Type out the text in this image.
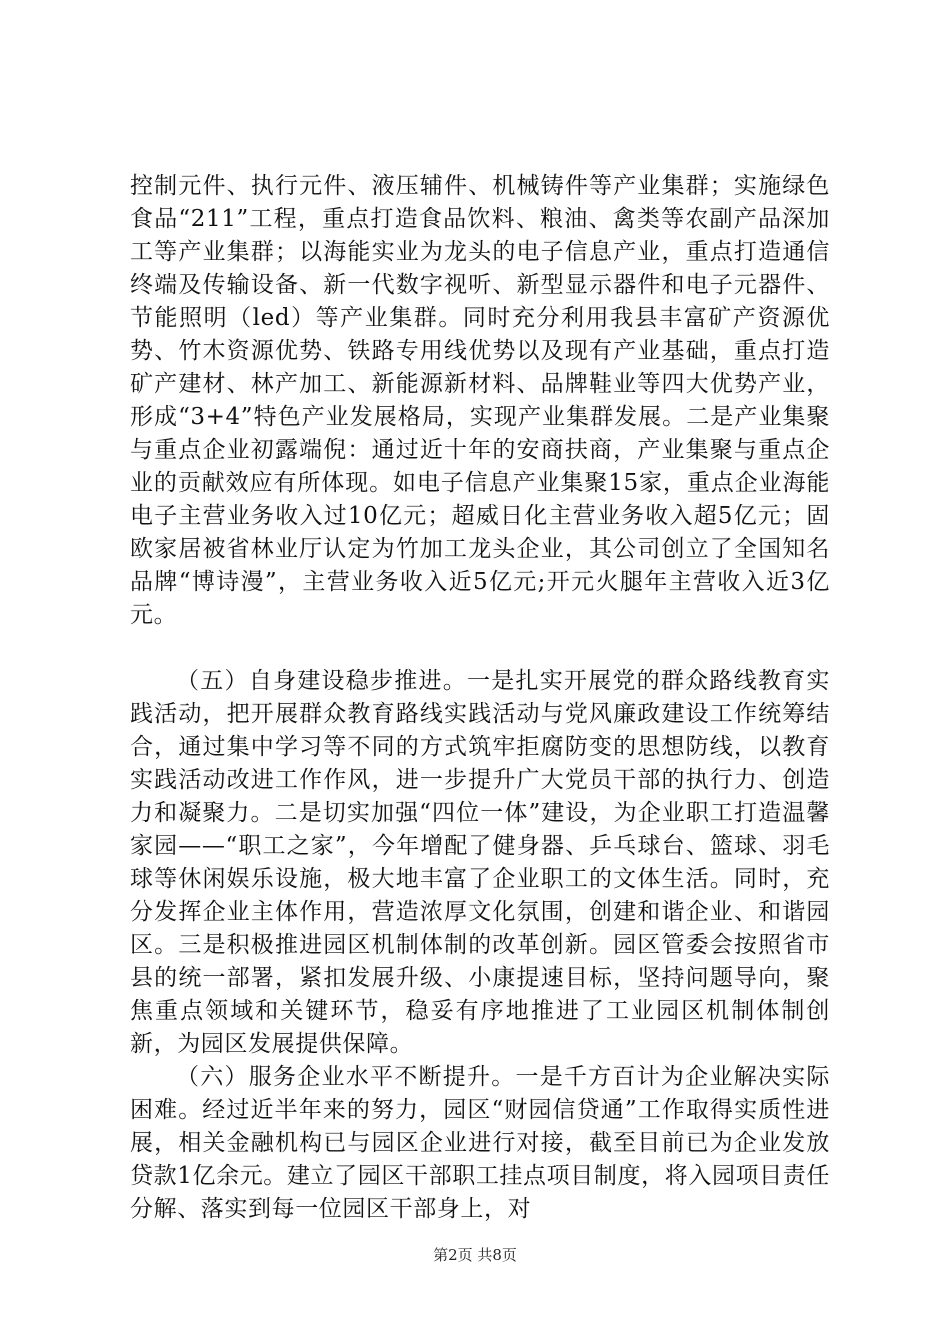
控制元件、执行元件、液压辅件、机械铸件等产业集群；实施绿色食品“211”工程，重点打造食品饮料、粮油、禽类等农副产品深加工等产业集群；以海能实业为龙头的电子信息产业，重点打造通信终端及传输设备、新一代数字视听、新型显示器件和电子元器件、节能照明（led）等产业集群。同时充分利用我县丰富矿产资源优势、竹木资源优势、铁路专用线优势以及现有产业基础，重点打造矿产建材、林产加工、新能源新材料、品牌鞋业等四大优势产业，形成“3+4”特色产业发展格局，实现产业集群发展。二是产业集聚与重点企业初露端倪：通过近十年的安商扶商，产业集聚与重点企业的贡献效应有所体现。如电子信息产业集聚15家，重点企业海能电子主营业务收入过10亿元；超威日化主营业务收入超5亿元；固欧家居被省林业厅认定为竹加工龙头企业，其公司创立了全国知名品牌“博诗漫”，主营业务收入近5亿元;开元火腿年主营收入近3亿元。

（五）自身建设稳步推进。一是扎实开展党的群众路线教育实践活动，把开展群众教育路线实践活动与党风廉政建设工作统筹结合，通过集中学习等不同的方式筑牢拒腐防变的思想防线，以教育实践活动改进工作作风，进一步提升广大党员干部的执行力、创造力和凝聚力。二是切实加强“四位一体”建设，为企业职工打造温馨家园——“职工之家”，今年增配了健身器、乒乓球台、篮球、羽毛球等休闲娱乐设施，极大地丰富了企业职工的文体生活。同时，充分发挥企业主体作用，营造浓厚文化氛围，创建和谐企业、和谐园区。三是积极推进园区机制体制的改革创新。园区管委会按照省市县的统一部署，紧扣发展升级、小康提速目标，坚持问题导向，聚焦重点领域和关键环节，稳妥有序地推进了工业园区机制体制创新，为园区发展提供保障。

（六）服务企业水平不断提升。一是千方百计为企业解决实际困难。经过近半年来的努力，园区“财园信贷通”工作取得实质性进展，相关金融机构已与园区企业进行对接，截至目前已为企业发放贷款1亿余元。建立了园区干部职工挂点项目制度，将入园项目责任分解、落实到每一位园区干部身上，对

第2页 共8页
